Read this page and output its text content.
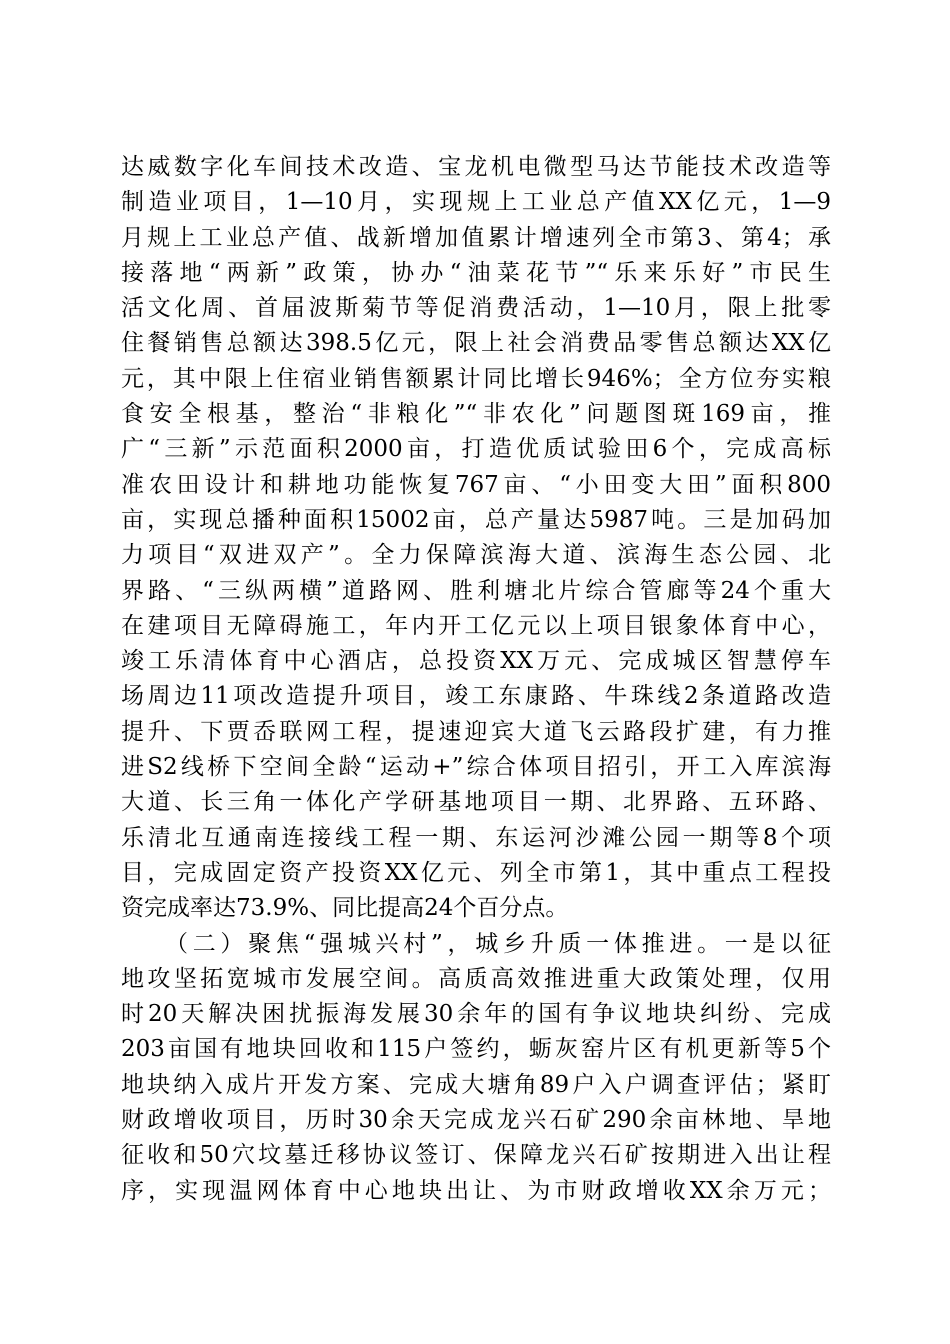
达威数字化车间技术改造、宝龙机电微型马达节能技术改造等
制造业项目，1—10月，实现规上工业总产值XX亿元，1—9
月规上工业总产值、战新增加值累计增速列全市第3、第4；承
接落地“两新”政策，协办“油菜花节”“乐来乐好”市民生
活文化周、首届波斯菊节等促消费活动，1—10月，限上批零
住餐销售总额达398.5亿元，限上社会消费品零售总额达XX亿
元，其中限上住宿业销售额累计同比增长946%；全方位夯实粮
食安全根基，整治“非粮化”“非农化”问题图斑169亩，推
广“三新”示范面积2000亩，打造优质试验田6个，完成高标
准农田设计和耕地功能恢复767亩、“小田变大田”面积800
亩，实现总播种面积15002亩，总产量达5987吨。三是加码加
力项目“双进双产”。全力保障滨海大道、滨海生态公园、北
界路、“三纵两横”道路网、胜利塘北片综合管廊等24个重大
在建项目无障碍施工，年内开工亿元以上项目银象体育中心，
竣工乐清体育中心酒店，总投资XX万元、完成城区智慧停车
场周边11项改造提升项目，竣工东康路、牛珠线2条道路改造
提升、下贾岙联网工程，提速迎宾大道飞云路段扩建，有力推
进S2线桥下空间全龄“运动+”综合体项目招引，开工入库滨海
大道、长三角一体化产学研基地项目一期、北界路、五环路、
乐清北互通南连接线工程一期、东运河沙滩公园一期等8个项
目，完成固定资产投资XX亿元、列全市第1，其中重点工程投
资完成率达73.9%、同比提高24个百分点。
　　（二）聚焦“强城兴村”，城乡升质一体推进。一是以征
地攻坚拓宽城市发展空间。高质高效推进重大政策处理，仅用
时20天解决困扰振海发展30余年的国有争议地块纠纷、完成
203亩国有地块回收和115户签约，蛎灰窑片区有机更新等5个
地块纳入成片开发方案、完成大塘角89户入户调查评估；紧盯
财政增收项目，历时30余天完成龙兴石矿290余亩林地、旱地
征收和50穴坟墓迁移协议签订、保障龙兴石矿按期进入出让程
序，实现温网体育中心地块出让、为市财政增收XX余万元；
